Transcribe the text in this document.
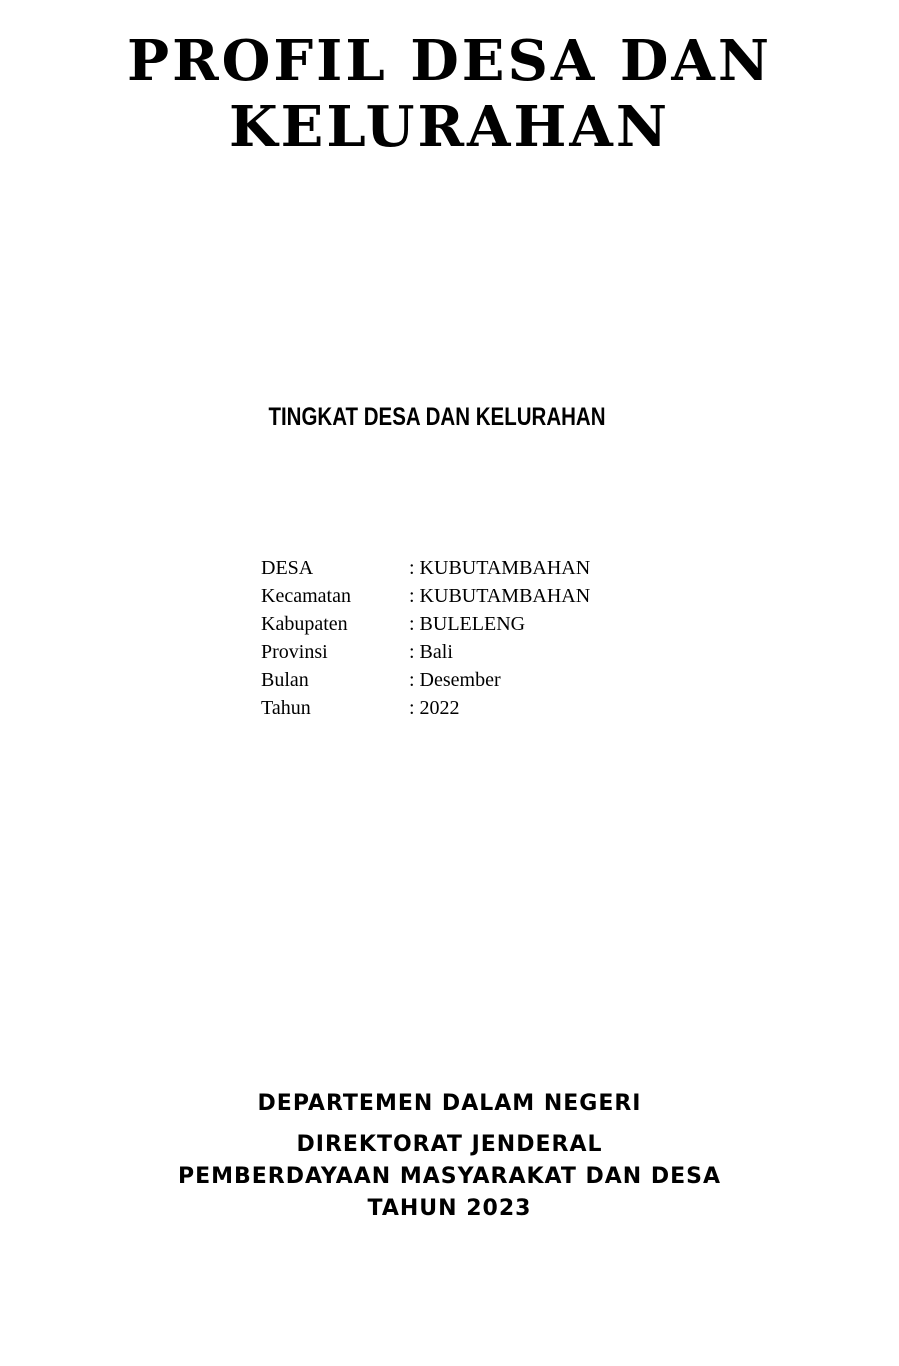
PROFIL DESA DAN
KELURAHAN
TINGKAT DESA DAN KELURAHAN
DESA	: KUBUTAMBAHAN
Kecamatan	: KUBUTAMBAHAN
Kabupaten	: BULELENG
Provinsi	: Bali
Bulan	: Desember
Tahun	: 2022
DEPARTEMEN DALAM NEGERI
DIREKTORAT JENDERAL
PEMBERDAYAAN MASYARAKAT DAN DESA
TAHUN 2023
